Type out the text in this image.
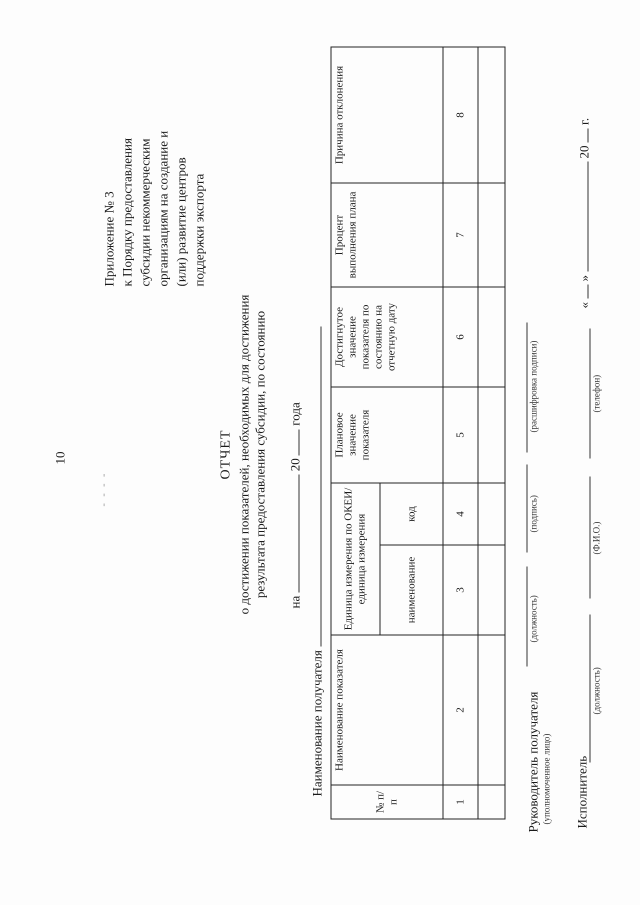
10
- - - -
Приложение № 3 к Порядку предоставления субсидии некоммерческим организациям на создание и (или) развитие центров поддержки экспорта
ОТЧЕТ о достижении показателей, необходимых для достижения результата предоставления субсидии, по состоянию
на  20  года
Наименование получателя
№ п/п	Наименование показателя	Единица измерения по ОКЕИ/единица измерения		Плановое значение показателя	Достигнутое значение показателя по состоянию на отчетную дату	Процент выполнения плана	Причина отклонения
		наименование	код				
1	2	3	4	5	6	7	8

Руководитель получателя (уполномоченное лицо)
(должность)
(подпись)
(расшифровка подписи)
Исполнитель
(должность)
(Ф.И.О.)
(телефон)
«  »  20  г.
